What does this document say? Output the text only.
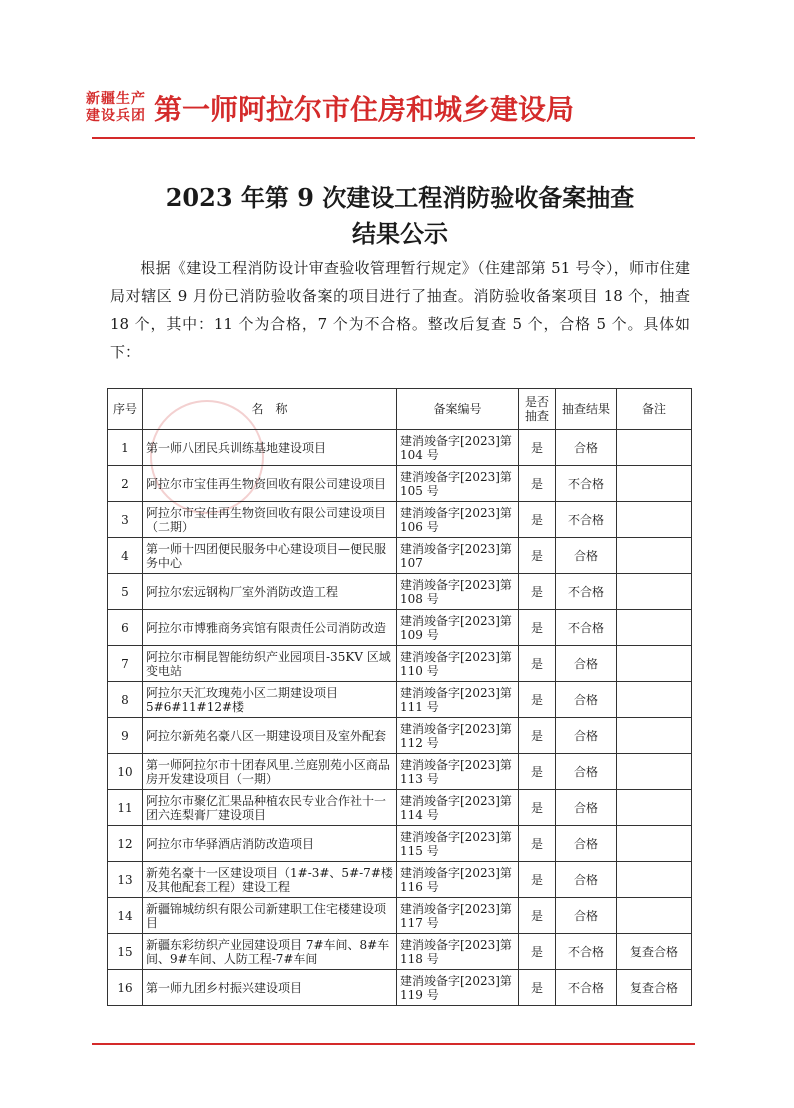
新疆生产
建设兵团 第一师阿拉尔市住房和城乡建设局
2023 年第 9 次建设工程消防验收备案抽查
结果公示
根据《建设工程消防设计审查验收管理暂行规定》（住建部第 51 号令），师市住建局对辖区 9 月份已消防验收备案的项目进行了抽查。消防验收备案项目 18 个，抽查 18 个，其中：11 个为合格，7 个为不合格。整改后复查 5 个，合格 5 个。具体如下：
序号	名　称	备案编号	是否抽查	抽查结果	备注
1	第一师八团民兵训练基地建设项目	建消竣备字[2023]第 104 号	是	合格	
2	阿拉尔市宝佳再生物资回收有限公司建设项目	建消竣备字[2023]第 105 号	是	不合格	
3	阿拉尔市宝佳再生物资回收有限公司建设项目（二期）	建消竣备字[2023]第 106 号	是	不合格	
4	第一师十四团便民服务中心建设项目—便民服务中心	建消竣备字[2023]第 107	是	合格	
5	阿拉尔宏远钢构厂室外消防改造工程	建消竣备字[2023]第 108 号	是	不合格	
6	阿拉尔市博雅商务宾馆有限责任公司消防改造	建消竣备字[2023]第 109 号	是	不合格	
7	阿拉尔市桐昆智能纺织产业园项目-35KV 区域变电站	建消竣备字[2023]第 110 号	是	合格	
8	阿拉尔天汇玫瑰苑小区二期建设项目5#6#11#12#楼	建消竣备字[2023]第 111 号	是	合格	
9	阿拉尔新苑名豪八区一期建设项目及室外配套	建消竣备字[2023]第 112 号	是	合格	
10	第一师阿拉尔市十团春风里.兰庭别苑小区商品房开发建设项目（一期）	建消竣备字[2023]第 113 号	是	合格	
11	阿拉尔市聚亿汇果品种植农民专业合作社十一团六连梨膏厂建设项目	建消竣备字[2023]第 114 号	是	合格	
12	阿拉尔市华驿酒店消防改造项目	建消竣备字[2023]第 115 号	是	合格	
13	新苑名豪十一区建设项目（1#-3#、5#-7#楼及其他配套工程）建设工程	建消竣备字[2023]第 116 号	是	合格	
14	新疆锦城纺织有限公司新建职工住宅楼建设项目	建消竣备字[2023]第 117 号	是	合格	
15	新疆东彩纺织产业园建设项目 7#车间、8#车间、9#车间、人防工程-7#车间	建消竣备字[2023]第 118 号	是	不合格	复查合格
16	第一师九团乡村振兴建设项目	建消竣备字[2023]第 119 号	是	不合格	复查合格
